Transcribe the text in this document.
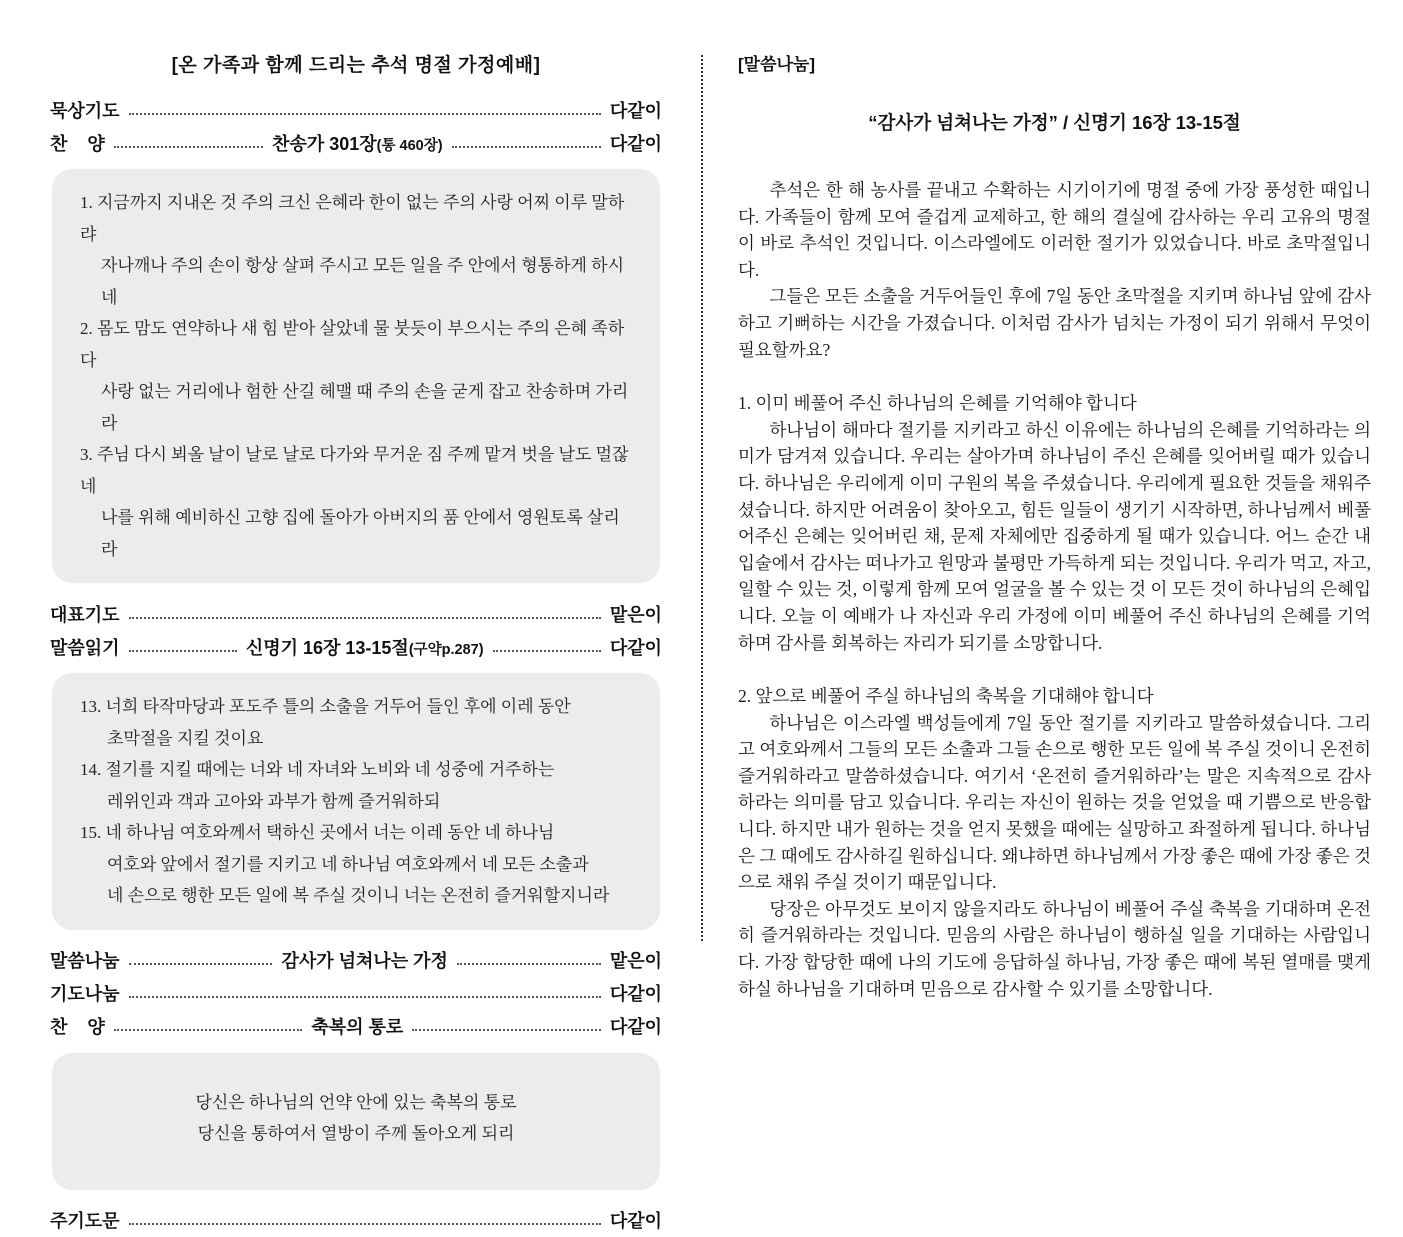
[온 가족과 함께 드리는 추석 명절 가정예배]
묵상기도	다같이
찬    양	찬송가 301장(통 460장)	다같이
1. 지금까지 지내온 것 주의 크신 은혜라 한이 없는 주의 사랑 어찌 이루 말하랴
자나깨나 주의 손이 항상 살펴 주시고 모든 일을 주 안에서 형통하게 하시네
2. 몸도 맘도 연약하나 새 힘 받아 살았네 물 붓듯이 부으시는 주의 은혜 족하다
사랑 없는 거리에나 험한 산길 헤맬 때 주의 손을 굳게 잡고 찬송하며 가리라
3. 주님 다시 뵈올 날이 날로 날로 다가와 무거운 짐 주께 맡겨 벗을 날도 멀잖네
나를 위해 예비하신 고향 집에 돌아가 아버지의 품 안에서 영원토록 살리라
대표기도	맡은이
말씀읽기	신명기 16장 13-15절(구약p.287)	다같이
13. 너희 타작마당과 포도주 틀의 소출을 거두어 들인 후에 이레 동안
초막절을 지킬 것이요
14. 절기를 지킬 때에는 너와 네 자녀와 노비와 네 성중에 거주하는
레위인과 객과 고아와 과부가 함께 즐거워하되
15. 네 하나님 여호와께서 택하신 곳에서 너는 이레 동안 네 하나님
여호와 앞에서 절기를 지키고 네 하나님 여호와께서 네 모든 소출과
네 손으로 행한 모든 일에 복 주실 것이니 너는 온전히 즐거워할지니라
말씀나눔	감사가 넘쳐나는 가정	맡은이
기도나눔	다같이
찬    양	축복의 통로	다같이
당신은 하나님의 언약 안에 있는 축복의 통로
당신을 통하여서 열방이 주께 돌아오게 되리
주기도문	다같이
[말씀나눔]
“감사가 넘쳐나는 가정” / 신명기 16장 13-15절

추석은 한 해 농사를 끝내고 수확하는 시기이기에 명절 중에 가장 풍성한 때입니다. 가족들이 함께 모여 즐겁게 교제하고, 한 해의 결실에 감사하는 우리 고유의 명절이 바로 추석인 것입니다. 이스라엘에도 이러한 절기가 있었습니다. 바로 초막절입니다.

그들은 모든 소출을 거두어들인 후에 7일 동안 초막절을 지키며 하나님 앞에 감사하고 기뻐하는 시간을 가졌습니다. 이처럼 감사가 넘치는 가정이 되기 위해서 무엇이 필요할까요?

1. 이미 베풀어 주신 하나님의 은혜를 기억해야 합니다

하나님이 해마다 절기를 지키라고 하신 이유에는 하나님의 은혜를 기억하라는 의미가 담겨져 있습니다. 우리는 살아가며 하나님이 주신 은혜를 잊어버릴 때가 있습니다. 하나님은 우리에게 이미 구원의 복을 주셨습니다. 우리에게 필요한 것들을 채워주셨습니다. 하지만 어려움이 찾아오고, 힘든 일들이 생기기 시작하면, 하나님께서 베풀어주신 은혜는 잊어버린 채, 문제 자체에만 집중하게 될 때가 있습니다. 어느 순간 내 입술에서 감사는 떠나가고 원망과 불평만 가득하게 되는 것입니다. 우리가 먹고, 자고, 일할 수 있는 것, 이렇게 함께 모여 얼굴을 볼 수 있는 것 이 모든 것이 하나님의 은혜입니다. 오늘 이 예배가 나 자신과 우리 가정에 이미 베풀어 주신 하나님의 은혜를 기억하며 감사를 회복하는 자리가 되기를 소망합니다.

2. 앞으로 베풀어 주실 하나님의 축복을 기대해야 합니다

하나님은 이스라엘 백성들에게 7일 동안 절기를 지키라고 말씀하셨습니다. 그리고 여호와께서 그들의 모든 소출과 그들 손으로 행한 모든 일에 복 주실 것이니 온전히 즐거워하라고 말씀하셨습니다. 여기서 ‘온전히 즐거워하라’는 말은 지속적으로 감사하라는 의미를 담고 있습니다. 우리는 자신이 원하는 것을 얻었을 때 기쁨으로 반응합니다. 하지만 내가 원하는 것을 얻지 못했을 때에는 실망하고 좌절하게 됩니다. 하나님은 그 때에도 감사하길 원하십니다. 왜냐하면 하나님께서 가장 좋은 때에 가장 좋은 것으로 채워 주실 것이기 때문입니다.

당장은 아무것도 보이지 않을지라도 하나님이 베풀어 주실 축복을 기대하며 온전히 즐거워하라는 것입니다. 믿음의 사람은 하나님이 행하실 일을 기대하는 사람입니다. 가장 합당한 때에 나의 기도에 응답하실 하나님, 가장 좋은 때에 복된 열매를 맺게 하실 하나님을 기대하며 믿음으로 감사할 수 있기를 소망합니다.
